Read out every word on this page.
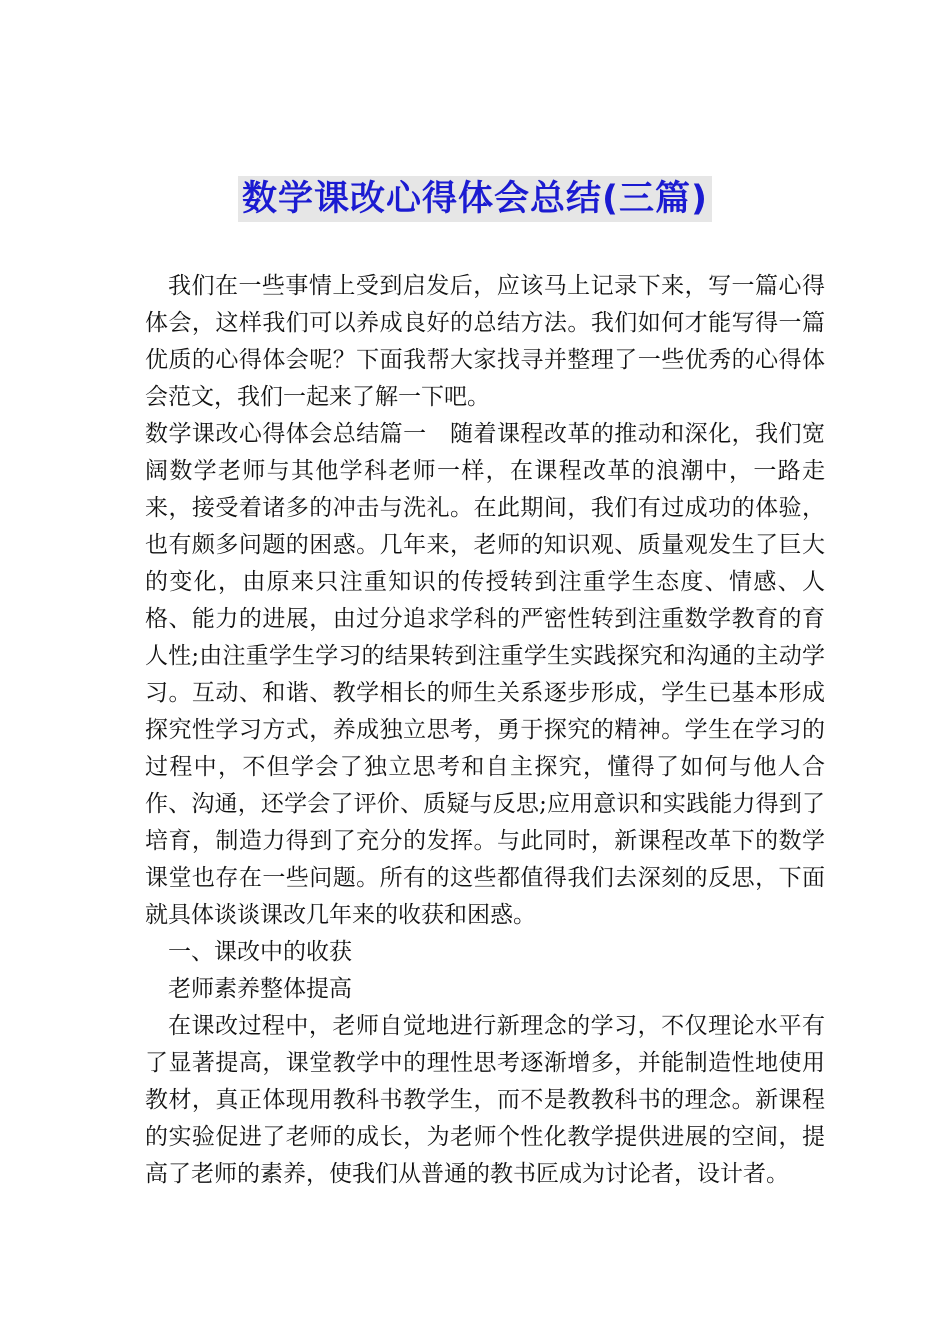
数学课改心得体会总结(三篇)

我们在一些事情上受到启发后，应该马上记录下来，写一篇心得体会，这样我们可以养成良好的总结方法。我们如何才能写得一篇优质的心得体会呢？下面我帮大家找寻并整理了一些优秀的心得体会范文，我们一起来了解一下吧。

数学课改心得体会总结篇一　随着课程改革的推动和深化，我们宽阔数学老师与其他学科老师一样，在课程改革的浪潮中，一路走来，接受着诸多的冲击与洗礼。在此期间，我们有过成功的体验，也有颇多问题的困惑。几年来，老师的知识观、质量观发生了巨大的变化，由原来只注重知识的传授转到注重学生态度、情感、人格、能力的进展，由过分追求学科的严密性转到注重数学教育的育人性;由注重学生学习的结果转到注重学生实践探究和沟通的主动学习。互动、和谐、教学相长的师生关系逐步形成，学生已基本形成探究性学习方式，养成独立思考，勇于探究的精神。学生在学习的过程中，不但学会了独立思考和自主探究，懂得了如何与他人合作、沟通，还学会了评价、质疑与反思;应用意识和实践能力得到了培育，制造力得到了充分的发挥。与此同时，新课程改革下的数学课堂也存在一些问题。所有的这些都值得我们去深刻的反思，下面就具体谈谈课改几年来的收获和困惑。

一、课改中的收获

老师素养整体提高

在课改过程中，老师自觉地进行新理念的学习，不仅理论水平有了显著提高，课堂教学中的理性思考逐渐增多，并能制造性地使用教材，真正体现用教科书教学生，而不是教教科书的理念。新课程的实验促进了老师的成长，为老师个性化教学提供进展的空间，提高了老师的素养，使我们从普通的教书匠成为讨论者，设计者。
